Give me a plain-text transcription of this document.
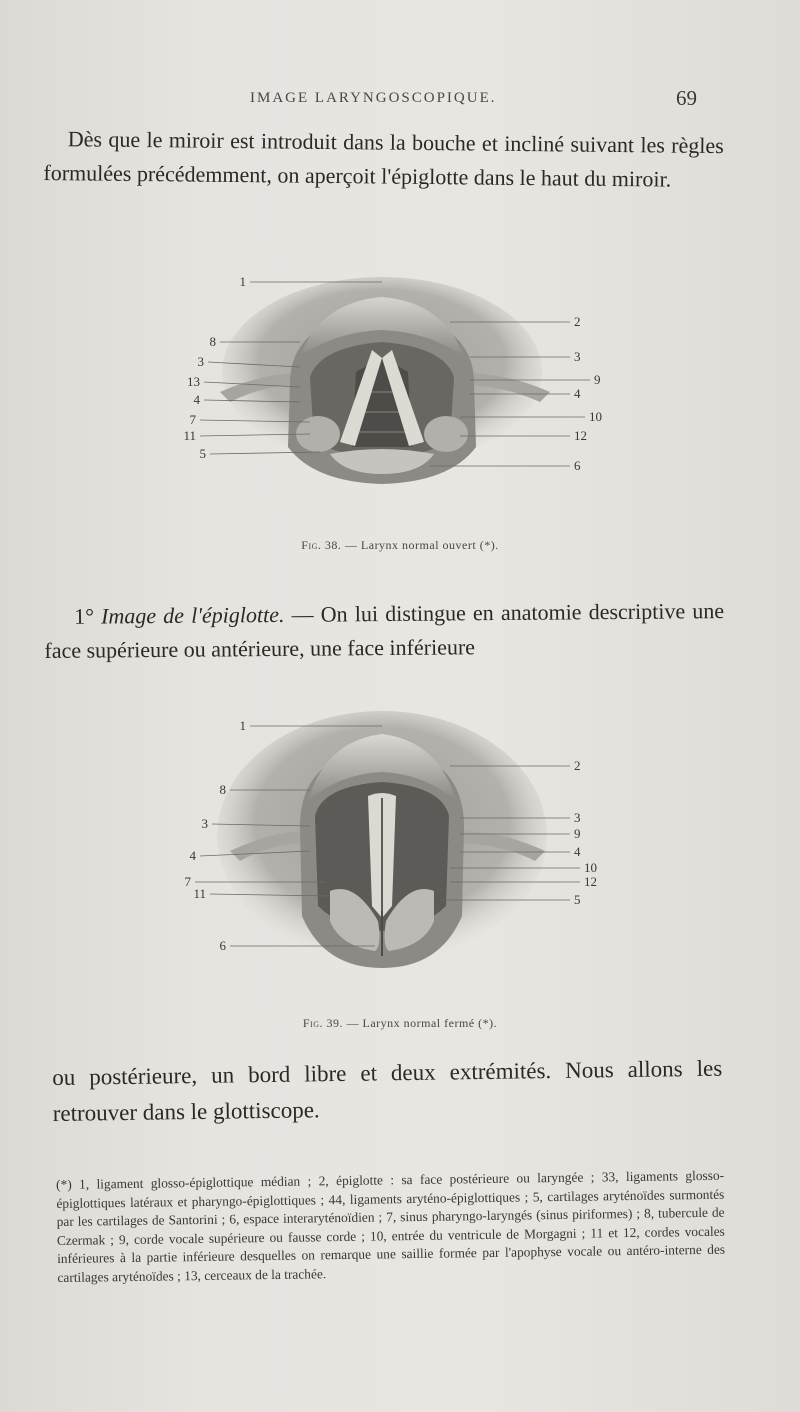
IMAGE LARYNGOSCOPIQUE.	69

Dès que le miroir est introduit dans la bouche et incliné suivant les règles formulées précédemment, on aperçoit l'épiglotte dans le haut du miroir.

1
8
3
13
4
7
11
5
2
3
9
4
10
12
6
Fig. 38. — Larynx normal ouvert (*).

1° Image de l'épiglotte. — On lui distingue en anatomie descriptive une face supérieure ou antérieure, une face inférieure

1
8
3
4
7
11
6
2
3
9
4
10
12
5
Fig. 39. — Larynx normal fermé (*).

ou postérieure, un bord libre et deux extrémités. Nous allons les retrouver dans le glottiscope.

(*) 1, ligament glosso-épiglottique médian ; 2, épiglotte : sa face postérieure ou laryngée ; 33, ligaments glosso-épiglottiques latéraux et pharyngo-épiglottiques ; 44, ligaments aryténo-épiglottiques ; 5, cartilages aryténoïdes surmontés par les cartilages de Santorini ; 6, espace interaryténoïdien ; 7, sinus pharyngo-laryngés (sinus piriformes) ; 8, tubercule de Czermak ; 9, corde vocale supérieure ou fausse corde ; 10, entrée du ventricule de Morgagni ; 11 et 12, cordes vocales inférieures à la partie inférieure desquelles on remarque une saillie formée par l'apophyse vocale ou antéro-interne des cartilages aryténoïdes ; 13, cerceaux de la trachée.
